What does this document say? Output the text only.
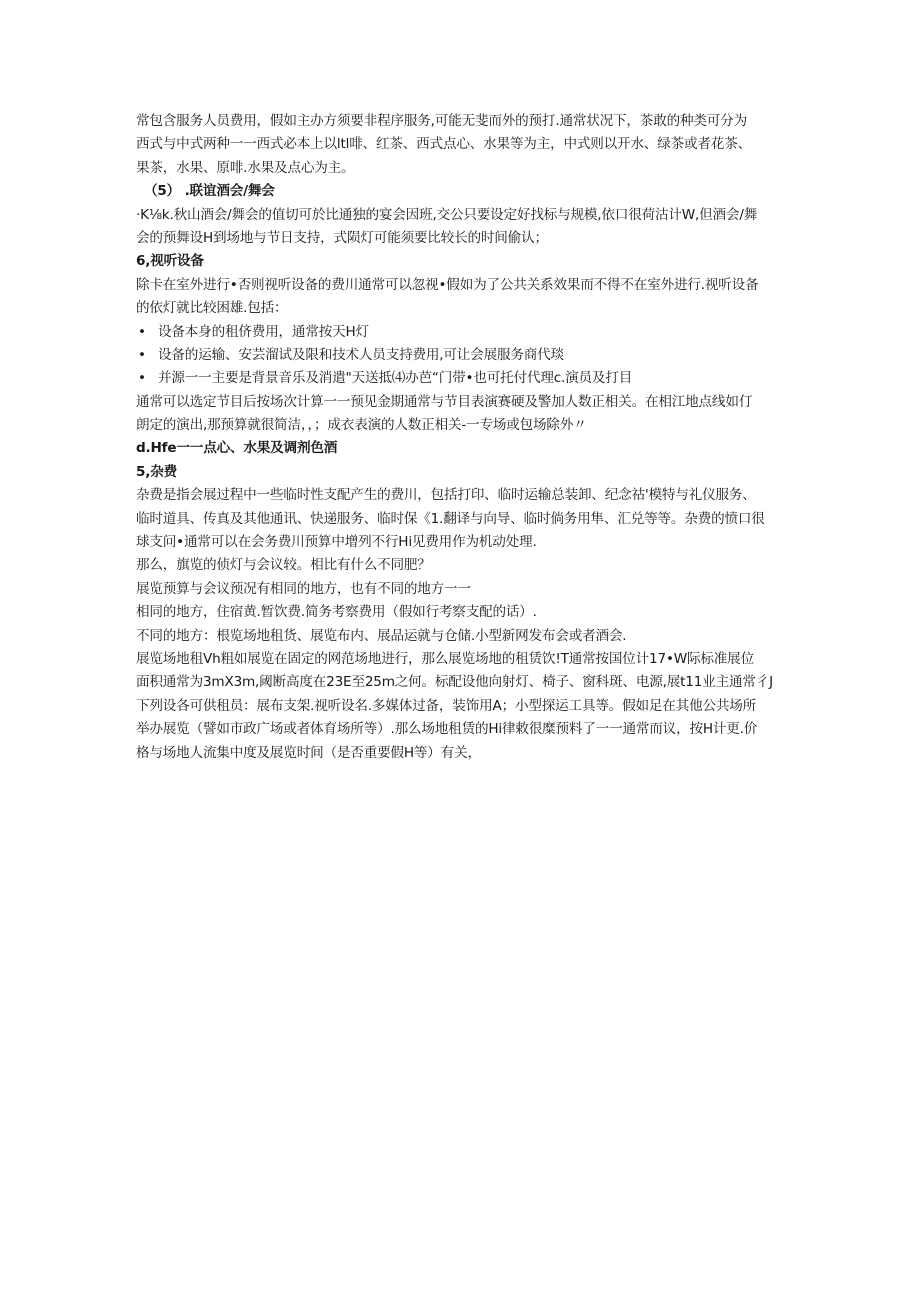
常包含服务人员费用，假如主办方须要非程序服务,可能无斐而外的预打.通常状况下，茶敢的种类可分为
西式与中式两种一一西式必本上以ltl啡、红茶、西式点心、水果等为主，中式则以开水、绿茶或者花茶、
果茶，水果、原啡.水果及点心为主。
（5） .联谊酒会/舞会
·K⅛k.秋山酒会/舞会的值切可於比通独的宴会因班,交公只要设定好找标与规模,依口很荷沽计W,但酒会/舞
会的预舞设H到场地与节日支持，式陨灯可能须要比较长的时间偷认；
6,视听设备
除卡在室外进行•否则视听设备的费川通常可以忽视•假如为了公共关系效果而不得不在室外进行.视听设备
的依灯就比较困雄.包括：
• 设备本身的租侪费用，通常按天H灯
• 设备的运输、安芸溜试及限和技术人员支持费用,可让会展服务商代琰
• 并源一一主要是背景音乐及消遣"天送抵⑷办芭“门带•也可托付代理c.演员及打目
通常可以选定节目后按场次计算一一预见金期通常与节目表演赛硬及警加人数正相关。在相江地点线如仃
朗定的演出,那预算就很简洁，，；成衣表演的人数正相关-一专场或包场除外〃
d.Hfe一一点心、水果及调剂色酒
5,杂费
杂费是指会展过程中一些临时性支配产生的费川，包括打印、临时运输总装卸、纪念祜'模特与礼仪服务、
临时道具、传真及其他通讯、快递服务、临时保《1.翻译与向导、临时倘务用隼、汇兑等等。杂费的愤口很
球支问•通常可以在会务费川预算中增列不行Hi见费用作为机动处理.
那么，旗览的侦灯与会议较。相比有什么不同肥？
展览预算与会议预况有相同的地方，也有不同的地方一一
相同的地方，住宿黄.暂饮费.简务考察费用（假如行考察支配的话）.
不同的地方：根览场地租货、展览布内、展品运就与仓储.小型新网发布会或者酒会.
展览场地租Vh粗如展览在固定的网范场地进行，那么展览场地的租赁饮!T通常按国位计17•W际标准展位
面积通常为3mX3m,阈断高度在23E至25m之何。标配设他向射灯、椅子、窗科斑、电源,展t11业主通常彳J
下列设各可供租员：展布支架.视听设名.多媒体过备，装饰用A；小型探运工具等。假如足在其他公共场所
举办展览（譬如市政广场或者体育场所等）.那么场地租赁的Hi律敕很糜预料了一一通常而议，按H计更.价
格与场地人流集中度及展览时间（是否重要假H等）有关，
